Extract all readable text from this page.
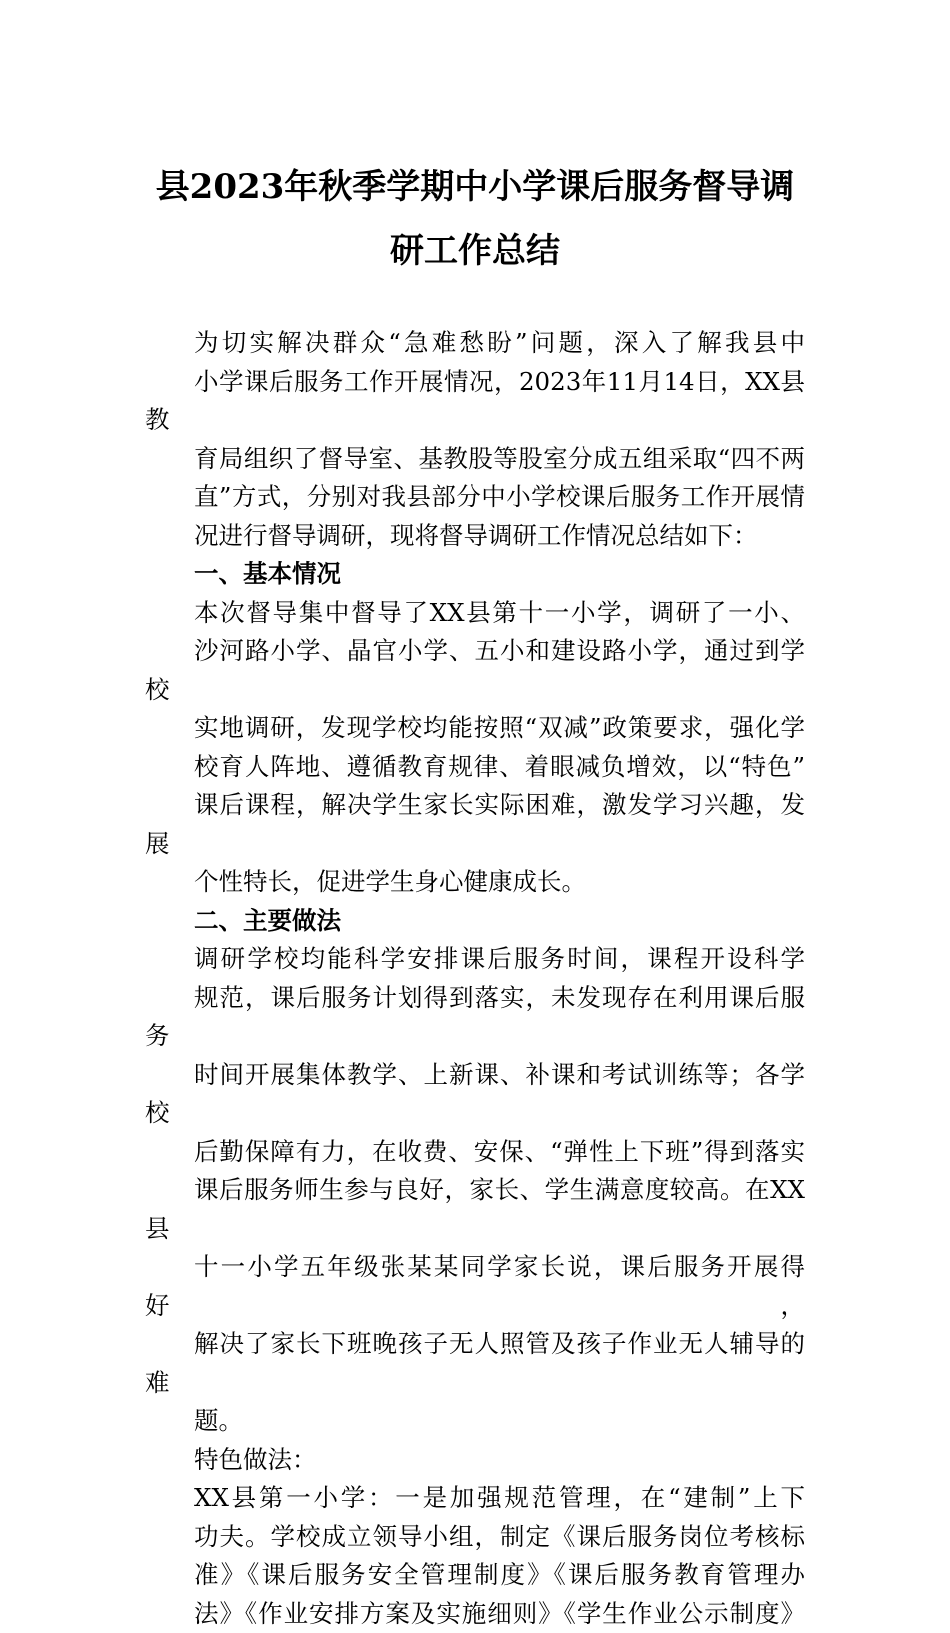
县2023年秋季学期中小学课后服务督导调
研工作总结

为切实解决群众“急难愁盼”问题，深入了解我县中
小学课后服务工作开展情况，2023年11月14日，XX县教
育局组织了督导室、基教股等股室分成五组采取“四不两
直”方式，分别对我县部分中小学校课后服务工作开展情
况进行督导调研，现将督导调研工作情况总结如下：

一、基本情况

本次督导集中督导了XX县第十一小学，调研了一小、
沙河路小学、晶官小学、五小和建设路小学，通过到学校
实地调研，发现学校均能按照“双减”政策要求，强化学
校育人阵地、遵循教育规律、着眼减负增效，以“特色”
课后课程，解决学生家长实际困难，激发学习兴趣，发展
个性特长，促进学生身心健康成长。

二、主要做法

调研学校均能科学安排课后服务时间，课程开设科学
规范，课后服务计划得到落实，未发现存在利用课后服务
时间开展集体教学、上新课、补课和考试训练等；各学校
后勤保障有力，在收费、安保、“弹性上下班”得到落实
课后服务师生参与良好，家长、学生满意度较高。在XX县
十一小学五年级张某某同学家长说，课后服务开展得好，
解决了家长下班晚孩子无人照管及孩子作业无人辅导的难
题。

特色做法：

XX县第一小学：一是加强规范管理，在“建制”上下
功夫。学校成立领导小组，制定《课后服务岗位考核标
准》《课后服务安全管理制度》《课后服务教育管理办
法》《作业安排方案及实施细则》《学生作业公示制度》
